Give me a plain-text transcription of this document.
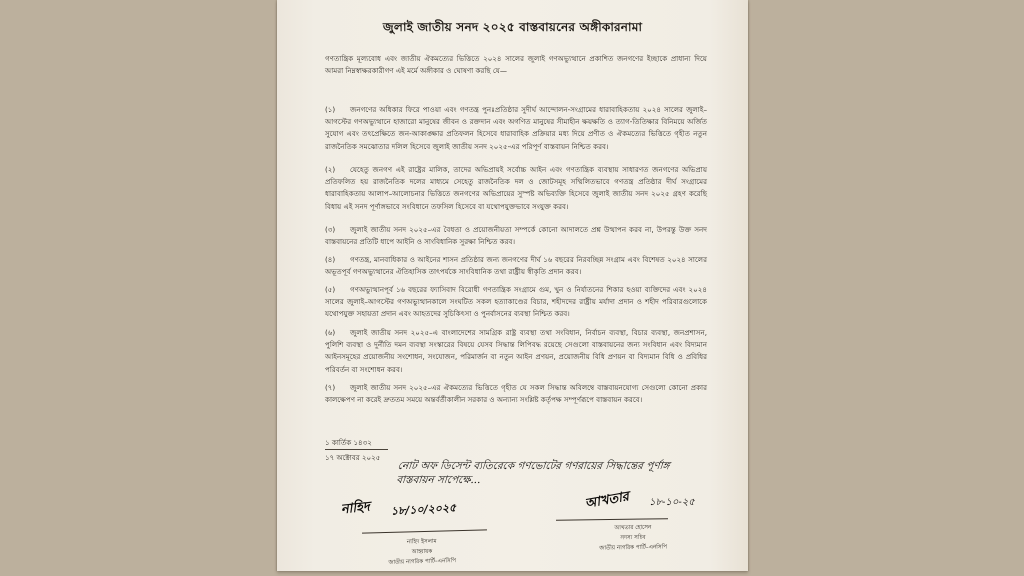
জুলাই জাতীয় সনদ ২০২৫ বাস্তবায়নের অঙ্গীকারনামা
গণতান্ত্রিক মূল্যবোধ এবং জাতীয় ঐকমত্যের ভিত্তিতে ২০২৪ সালের জুলাই গণঅভ্যুত্থানে প্রকাশিত জনগণের ইচ্ছাকে প্রাধান্য দিয়ে আমরা নিম্নস্বাক্ষরকারীগণ এই মর্মে অঙ্গীকার ও ঘোষণা করছি যে—
(১) জনগণের অধিকার ফিরে পাওয়া এবং গণতন্ত্র পুনঃপ্রতিষ্ঠার সুদীর্ঘ আন্দোলন-সংগ্রামের ধারাবাহিকতায় ২০২৪ সালের জুলাই–আগস্টের গণঅভ্যুত্থানে হাজারো মানুষের জীবন ও রক্তদান এবং অগণিত মানুষের সীমাহীন ক্ষয়ক্ষতি ও ত্যাগ-তিতিক্ষার বিনিময়ে অর্জিত সুযোগ এবং তৎপ্রেক্ষিতে জন-আকাঙ্ক্ষার প্রতিফলন হিসেবে ধারাবাহিক প্রক্রিয়ার মধ্য দিয়ে প্রণীত ও ঐকমত্যের ভিত্তিতে গৃহীত নতুন রাজনৈতিক সমঝোতার দলিল হিসেবে জুলাই জাতীয় সনদ ২০২৫-এর পরিপূর্ণ বাস্তবায়ন নিশ্চিত করব।
(২) যেহেতু জনগণ এই রাষ্ট্রের মালিক, তাদের অভিপ্রায়ই সর্বোচ্চ আইন এবং গণতান্ত্রিক ব্যবস্থায় সাধারণত জনগণের অভিপ্রায় প্রতিফলিত হয় রাজনৈতিক দলের মাধ্যমে সেহেতু রাজনৈতিক দল ও জোটসমূহ সম্মিলিতভাবে গণতন্ত্র প্রতিষ্ঠার দীর্ঘ সংগ্রামের ধারাবাহিকতায় আলাপ–আলোচনার ভিত্তিতে জনগণের অভিপ্রায়ের সুস্পষ্ট অভিব্যক্তি হিসেবে জুলাই জাতীয় সনদ ২০২৫ গ্রহণ করেছি বিধায় এই সনদ পূর্ণাঙ্গভাবে সংবিধানে তফসিল হিসেবে বা যথোপযুক্তভাবে সংযুক্ত করব।
(৩) জুলাই জাতীয় সনদ ২০২৫–এর বৈধতা ও প্রয়োজনীয়তা সম্পর্কে কোনো আদালতে প্রশ্ন উত্থাপন করব না, উপরন্তু উক্ত সনদ বাস্তবায়নের প্রতিটি ধাপে আইনি ও সাংবিধানিক সুরক্ষা নিশ্চিত করব।
(৪) গণতন্ত্র, মানবাধিকার ও আইনের শাসন প্রতিষ্ঠার জন্য জনগণের দীর্ঘ ১৬ বছরের নিরবচ্ছিন্ন সংগ্রাম এবং বিশেষত ২০২৪ সালের অভূতপূর্ব গণঅভ্যুত্থানের ঐতিহাসিক তাৎপর্যকে সাংবিধানিক তথা রাষ্ট্রীয় স্বীকৃতি প্রদান করব।
(৫) গণঅভ্যুত্থানপূর্ব ১৬ বছরের ফ্যাসিবাদ বিরোধী গণতান্ত্রিক সংগ্রামে গুম, খুন ও নির্যাতনের শিকার হওয়া ব্যক্তিদের এবং ২০২৪ সালের জুলাই–আগস্টের গণঅভ্যুত্থানকালে সংঘটিত সকল হত্যাকাণ্ডের বিচার, শহীদদের রাষ্ট্রীয় মর্যাদা প্রদান ও শহীদ পরিবারগুলোকে যথোপযুক্ত সহায়তা প্রদান এবং আহতদের সুচিকিৎসা ও পুনর্বাসনের ব্যবস্থা নিশ্চিত করব।
(৬) জুলাই জাতীয় সনদ ২০২৫–এ বাংলাদেশের সামগ্রিক রাষ্ট্র ব্যবস্থা তথা সংবিধান, নির্বাচন ব্যবস্থা, বিচার ব্যবস্থা, জনপ্রশাসন, পুলিশি ব্যবস্থা ও দুর্নীতি দমন ব্যবস্থা সংস্কারের বিষয়ে যেসব সিদ্ধান্ত লিপিবদ্ধ রয়েছে সেগুলো বাস্তবায়নের জন্য সংবিধান এবং বিদ্যমান আইনসমূহের প্রয়োজনীয় সংশোধন, সংযোজন, পরিমার্জন বা নতুন আইন প্রণয়ন, প্রয়োজনীয় বিধি প্রণয়ন বা বিদ্যমান বিধি ও প্রবিধির পরিবর্তন বা সংশোধন করব।
(৭) জুলাই জাতীয় সনদ ২০২৫–এর ঐকমত্যের ভিত্তিতে গৃহীত যে সকল সিদ্ধান্ত অবিলম্বে বাস্তবায়নযোগ্য সেগুলো কোনো প্রকার কালক্ষেপণ না করেই দ্রুততম সময়ে অন্তর্বর্তীকালীন সরকার ও অন্যান্য সংশ্লিষ্ট কর্তৃপক্ষ সম্পূর্ণরূপে বাস্তবায়ন করবে।
১ কার্তিক ১৪৩২
১৭ অক্টোবর ২০২৫
নোট অফ ডিসেন্ট ব্যতিরেকে গণভোটের গণরায়ের সিদ্ধান্তের পূর্ণাঙ্গ বাস্তবায়ন সাপেক্ষে...
নাহিদ ১৮/১০/২০২৫
নাহিদ ইসলাম
আহ্বায়ক
জাতীয় নাগরিক পার্টি–এনসিপি
আখতার ১৮-১০-২৫
আখতার হোসেন
সদস্য সচিব
জাতীয় নাগরিক পার্টি–এনসিপি
